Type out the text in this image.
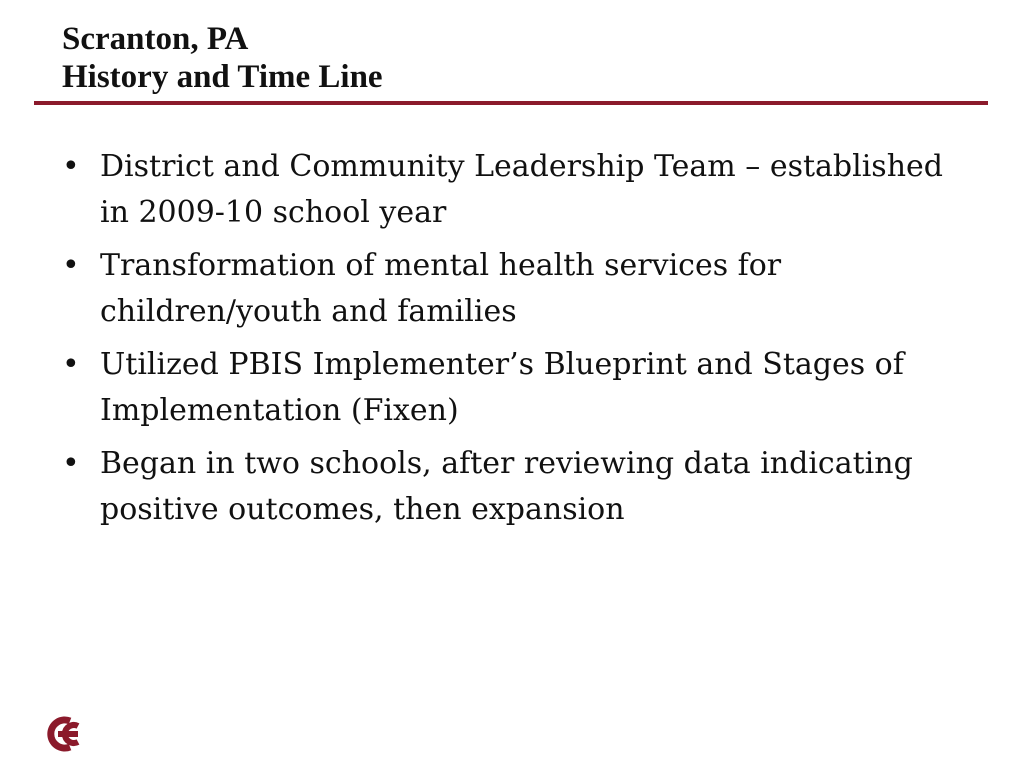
Scranton, PA
History and Time Line
• District and Community Leadership Team – established in 2009-10 school year
• Transformation of mental health services for children/youth and families
• Utilized PBIS Implementer’s Blueprint and Stages of Implementation (Fixen)
• Began in two schools, after reviewing data indicating positive outcomes, then expansion
